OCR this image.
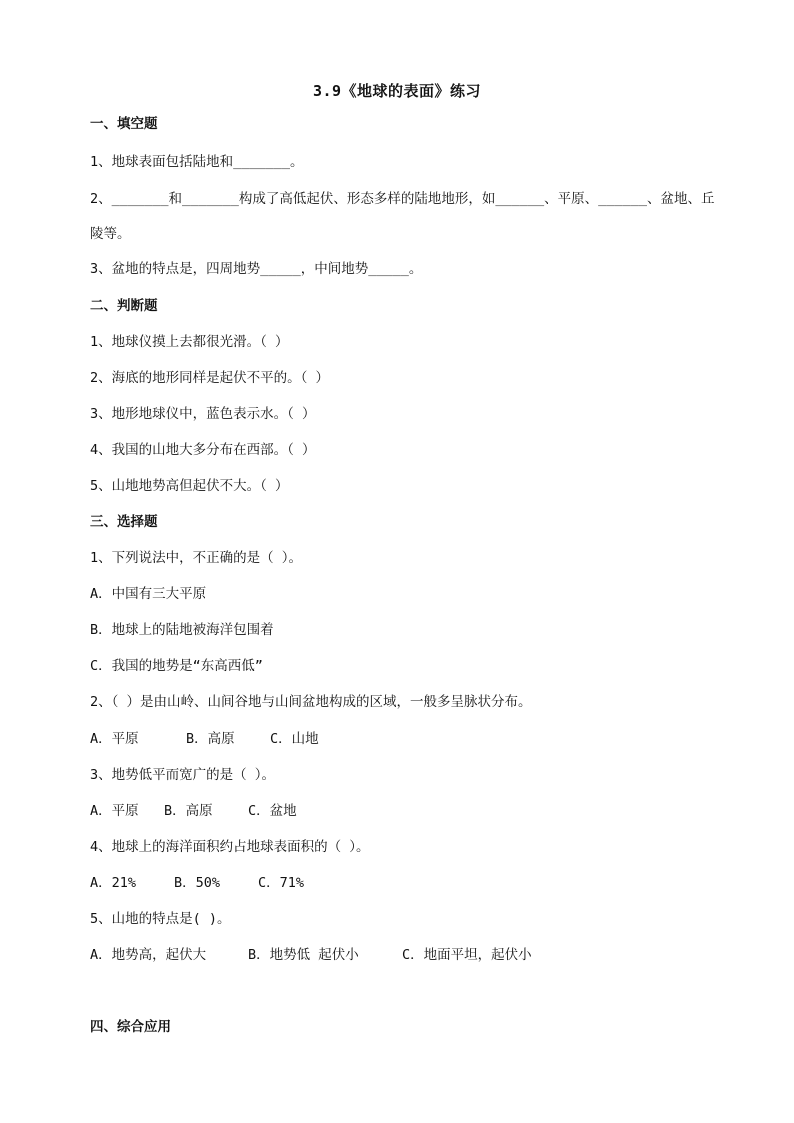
3.9《地球的表面》练习
一、填空题
1、地球表面包括陆地和_______。
2、_______和_______构成了高低起伏、形态多样的陆地地形，如______、平原、______、盆地、丘
陵等。
3、盆地的特点是，四周地势_____，中间地势_____。
二、判断题
1、地球仪摸上去都很光滑。（ ）
2、海底的地形同样是起伏不平的。（ ）
3、地形地球仪中，蓝色表示水。（ ）
4、我国的山地大多分布在西部。（ ）
5、山地地势高但起伏不大。（ ）
三、选择题
1、下列说法中，不正确的是（ ）。
A．中国有三大平原
B．地球上的陆地被海洋包围着
C．我国的地势是“东高西低”
2、（ ）是由山岭、山间谷地与山间盆地构成的区域，一般多呈脉状分布。
A．平原	B．高原	C．山地
3、地势低平而宽广的是（ ）。
A．平原 B．高原	C．盆地
4、地球上的海洋面积约占地球表面积的（ ）。
A．21%	B．50%	C．71%
5、山地的特点是( )。
A．地势高，起伏大	B．地势低 起伏小	C．地面平坦，起伏小
四、综合应用
